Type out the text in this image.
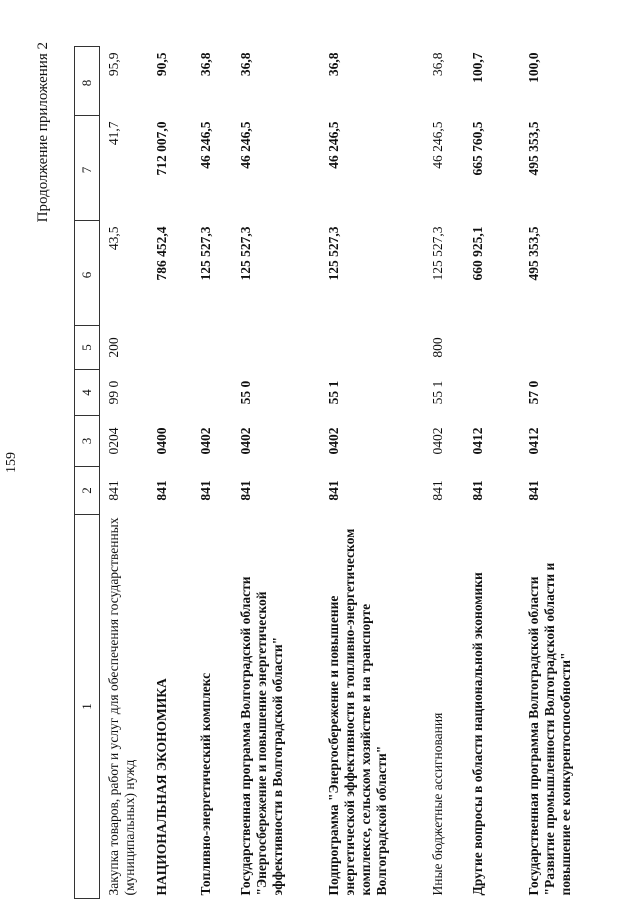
159
Продолжение приложения 2
1	2	3	4	5	6	7	8
Закупка товаров, работ и услуг для обеспечения государственных (муниципальных) нужд	841	0204	99 0	200	43,5	41,7	95,9
НАЦИОНАЛЬНАЯ ЭКОНОМИКА	841	0400			786 452,4	712 007,0	90,5
Топливно-энергетический комплекс	841	0402			125 527,3	46 246,5	36,8
Государственная программа Волгоградской области "Энергосбережение и повышение энергетической эффективности в Волгоградской области"	841	0402	55 0		125 527,3	46 246,5	36,8
Подпрограмма "Энергосбережение и повышение энергетической эффективности в топливно-энергетическом комплексе, сельском хозяйстве и на транспорте Волгоградской области"	841	0402	55 1		125 527,3	46 246,5	36,8
Иные бюджетные ассигнования	841	0402	55 1	800	125 527,3	46 246,5	36,8
Другие вопросы в области национальной экономики	841	0412			660 925,1	665 760,5	100,7
Государственная программа Волгоградской области "Развитие промышленности Волгоградской области и повышение ее конкурентоспособности"	841	0412	57 0		495 353,5	495 353,5	100,0
